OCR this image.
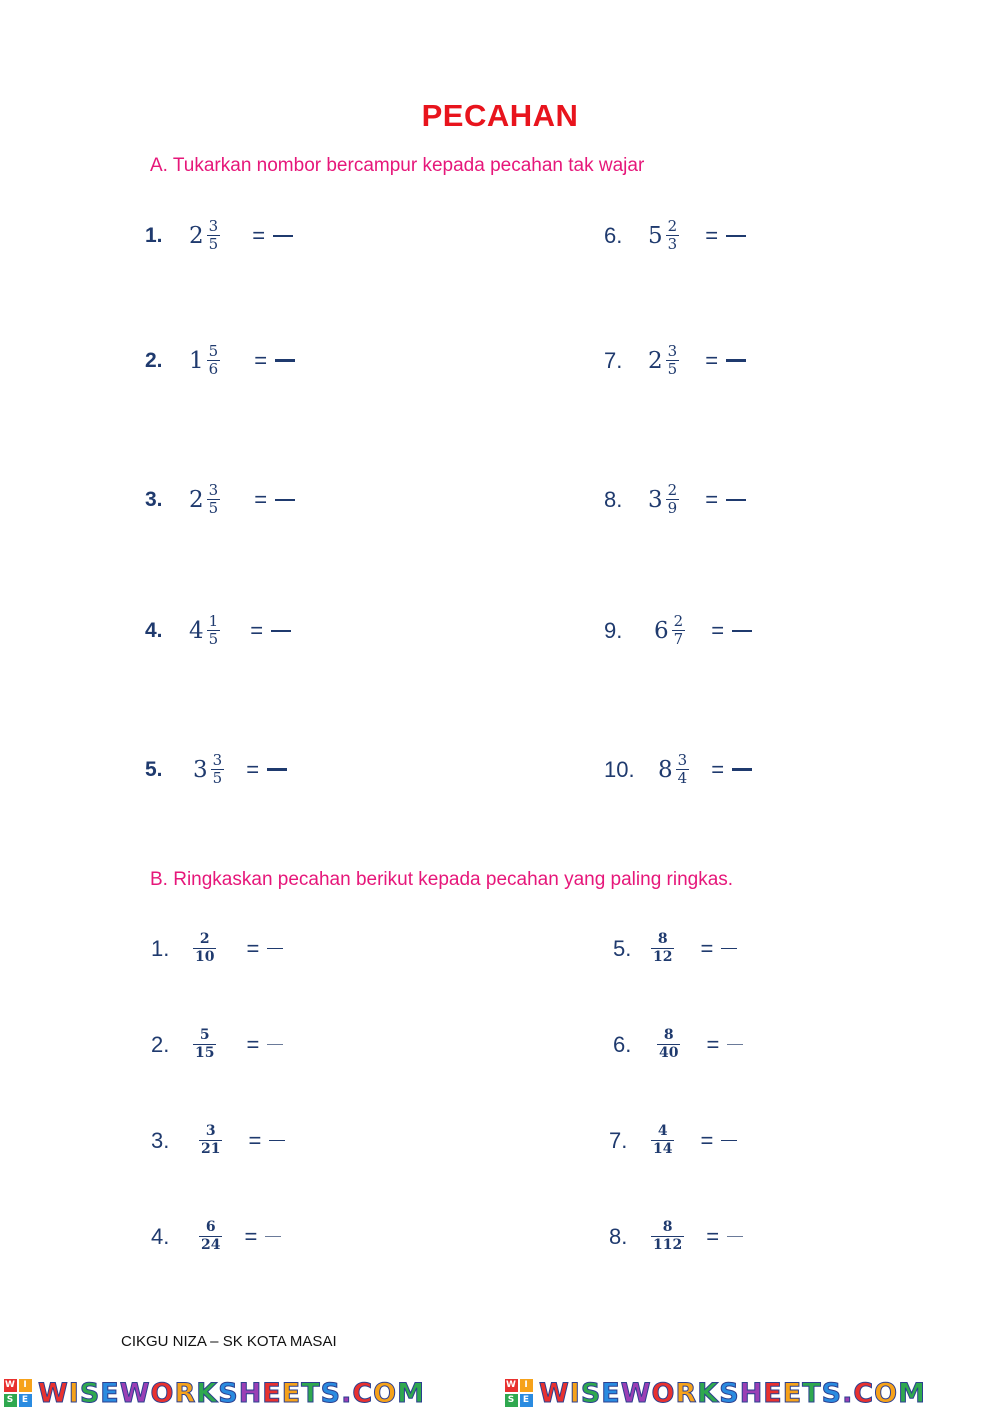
PECAHAN
A. Tukarkan nombor bercampur kepada pecahan tak wajar
1.	$2 \frac{3}{5}$ =
2.	$1 \frac{5}{6}$ =
3.	$2 \frac{3}{5}$ =
4.	$4 \frac{1}{5}$ =
5.	$3 \frac{3}{5}$ =
6.	$5 \frac{2}{3}$ =
7.	$2 \frac{3}{5}$ =
8.	$3 \frac{2}{9}$ =
9.	$6 \frac{2}{7}$ =
10.	$8 \frac{3}{4}$ =
B. Ringkaskan pecahan berikut kepada pecahan yang paling ringkas.
1.	$\frac{2}{10}$ =
2.	$\frac{5}{15}$ =
3.	$\frac{3}{21}$ =
4.	$\frac{6}{24}$ =
5.	$\frac{8}{12}$ =
6.	$\frac{8}{40}$ =
7.	$\frac{4}{14}$ =
8.	$\frac{8}{112}$ =
CIKGU NIZA – SK KOTA MASAI
W I
S E W I S E W O R K S H E E T S . C O M	W I
S E W I S E W O R K S H E E T S . C O M
